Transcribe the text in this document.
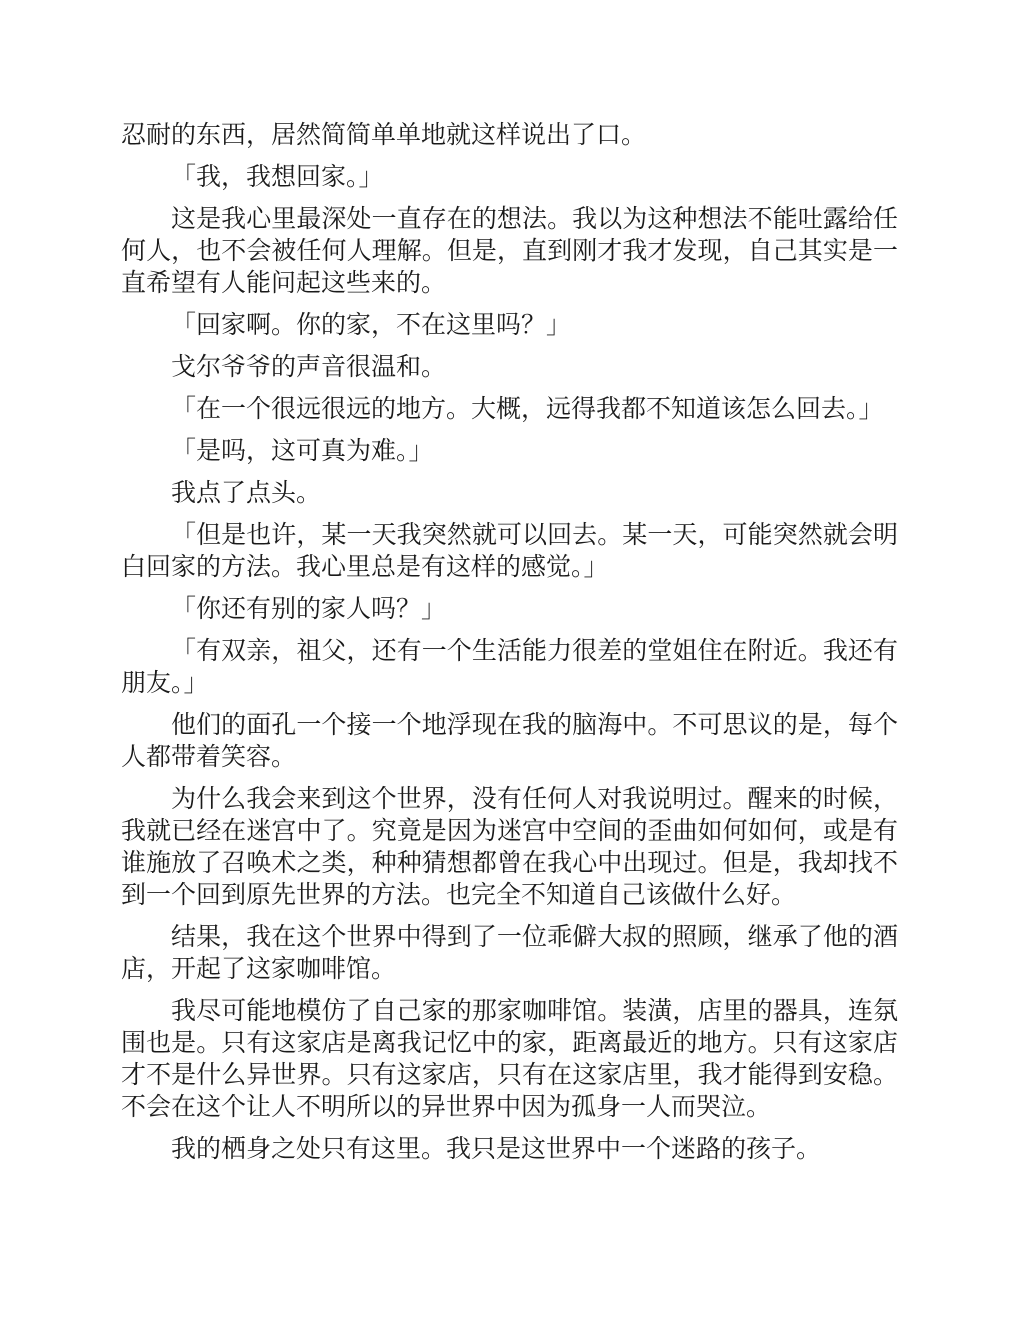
忍耐的东西，居然简简单单地就这样说出了口。

「我，我想回家。」

这是我心里最深处一直存在的想法。我以为这种想法不能吐露给任何人，也不会被任何人理解。但是，直到刚才我才发现，自己其实是一直希望有人能问起这些来的。

「回家啊。你的家，不在这里吗？」

戈尔爷爷的声音很温和。

「在一个很远很远的地方。大概，远得我都不知道该怎么回去。」

「是吗，这可真为难。」

我点了点头。

「但是也许，某一天我突然就可以回去。某一天，可能突然就会明白回家的方法。我心里总是有这样的感觉。」

「你还有别的家人吗？」

「有双亲，祖父，还有一个生活能力很差的堂姐住在附近。我还有朋友。」

他们的面孔一个接一个地浮现在我的脑海中。不可思议的是，每个人都带着笑容。

为什么我会来到这个世界，没有任何人对我说明过。醒来的时候，我就已经在迷宫中了。究竟是因为迷宫中空间的歪曲如何如何，或是有谁施放了召唤术之类，种种猜想都曾在我心中出现过。但是，我却找不到一个回到原先世界的方法。也完全不知道自己该做什么好。

结果，我在这个世界中得到了一位乖僻大叔的照顾，继承了他的酒店，开起了这家咖啡馆。

我尽可能地模仿了自己家的那家咖啡馆。装潢，店里的器具，连氛围也是。只有这家店是离我记忆中的家，距离最近的地方。只有这家店才不是什么异世界。只有这家店，只有在这家店里，我才能得到安稳。不会在这个让人不明所以的异世界中因为孤身一人而哭泣。

我的栖身之处只有这里。我只是这世界中一个迷路的孩子。
